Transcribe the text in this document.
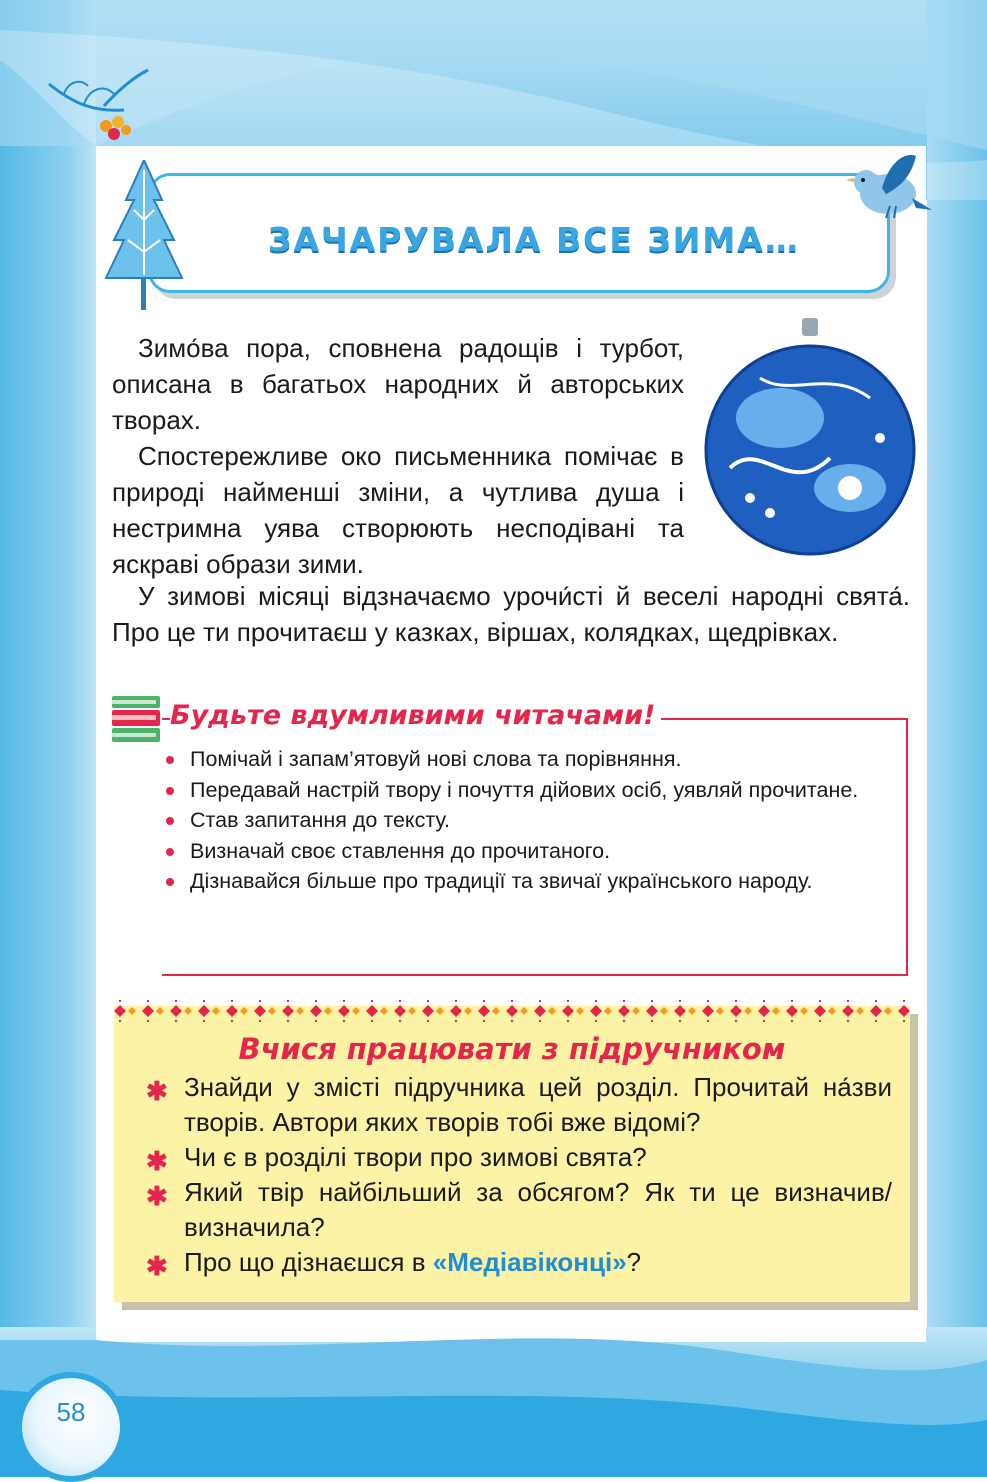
ЗАЧАРУВАЛА ВСЕ ЗИМА…
Зимо́ва пора, сповнена радощів і турбот, описана в багатьох народних й авторських творах.
Спостережливе око письменника помічає в природі найменші зміни, а чутлива душа і нестримна уява створюють несподівані та яскраві образи зими.
У зимові місяці відзначаємо урочи́сті й веселі народні свята́. Про це ти прочитаєш у казках, віршах, колядках, щедрівках.
Будьте вдумливими читачами!
Помічай і запам’ятовуй нові слова та порівняння.
Передавай настрій твору і почуття дійових осіб, уявляй прочитане.
Став запитання до тексту.
Визначай своє ставлення до прочитаного.
Дізнавайся більше про традиції та звичаї українського народу.
Вчися працювати з підручником
✱ Знайди у змісті підручника цей розділ. Прочитай на́зви творів. Автори яких творів тобі вже відомі?
✱ Чи є в розділі твори про зимові свята?
✱ Який твір найбільший за обсягом? Як ти це визначив/визначила?
✱ Про що дізнаєшся в «Медіавіконці»?
58
